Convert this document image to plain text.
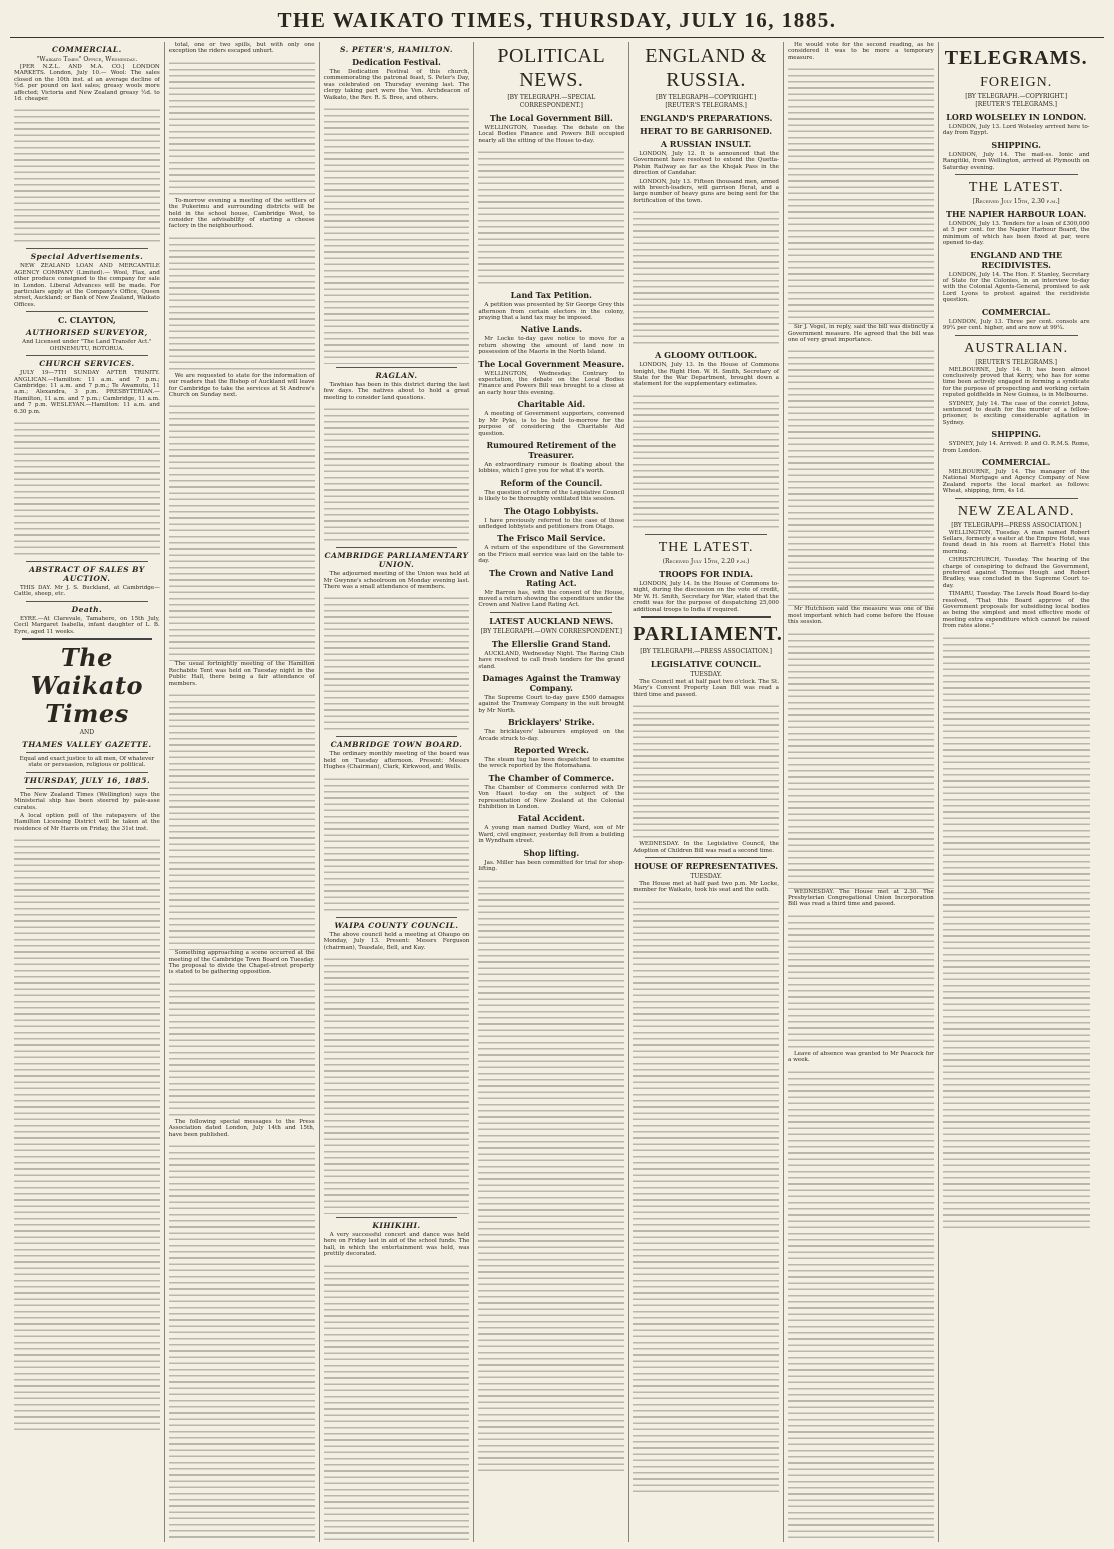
THE WAIKATO TIMES, THURSDAY, JULY 16, 1885.
COMMERCIAL.
"Waikato Times" Office, Wednesday.

[PER N.Z.L. AND M.A. CO.] LONDON MARKETS. London, July 10.— Wool: The sales closed on the 10th inst. at an average decline of ½d. per pound on last sales; greasy wools more affected; Victoria and New Zealand greasy ½d. to 1d. cheaper.

Special Advertisements.

NEW ZEALAND LOAN AND MERCANTILE AGENCY COMPANY (Limited).— Wool, Flax, and other produce consigned to the company for sale in London. Liberal Advances will be made. For particulars apply at the Company's Office, Queen street, Auckland; or Bank of New Zealand, Waikato Offices.

C. CLAYTON,
AUTHORISED SURVEYOR,

And Licensed under "The Land Transfer Act." OHINEMUTU, ROTORUA.

CHURCH SERVICES.

JULY 19—7TH SUNDAY AFTER TRINITY. ANGLICAN.—Hamilton: 11 a.m. and 7 p.m.; Cambridge: 11 a.m. and 7 p.m.; Te Awamutu, 11 a.m.; Alexandra, 3 p.m. PRESBYTERIAN.—Hamilton, 11 a.m. and 7 p.m.; Cambridge, 11 a.m. and 7 p.m. WESLEYAN.—Hamilton: 11 a.m. and 6.30 p.m.

ABSTRACT OF SALES BY AUCTION.

THIS DAY. Mr J. S. Buckland, at Cambridge—Cattle, sheep, etc.

Death.

EYRE.—At Clarevale, Tamahere, on 15th July, Cecil Margaret Isabella, infant daughter of L. B. Eyre, aged 11 weeks.

The Waikato Times
AND
THAMES VALLEY GAZETTE.

Equal and exact justice to all men, Of whatever state or persuasion, religious or political.

THURSDAY, JULY 16, 1885.

The New Zealand Times (Wellington) says the Ministerial ship has been steered by pale-asse curates.

A local option poll of the ratepayers of the Hamilton Licensing District will be taken at the residence of Mr Harris on Friday, the 31st inst.

total, one or two spills, but with only one exception the riders escaped unhurt.

To-morrow evening a meeting of the settlers of the Pukerimu and surrounding districts will be held in the school house, Cambridge West, to consider the advisability of starting a cheese factory in the neighbourhood.

We are requested to state for the information of our readers that the Bishop of Auckland will leave for Cambridge to take the services at St Andrew's Church on Sunday next.

The usual fortnightly meeting of the Hamilton Rechabite Tent was held on Tuesday night in the Public Hall, there being a fair attendance of members.

Something approaching a scene occurred at the meeting of the Cambridge Town Board on Tuesday. The proposal to divide the Chapel-street property is stated to be gathering opposition.

The following special messages to the Press Association dated London, July 14th and 15th, have been published.

S. PETER'S, HAMILTON.
Dedication Festival.

The Dedication Festival of this church, commemorating the patronal feast, S. Peter's Day, was celebrated on Thursday evening last. The clergy taking part were the Ven. Archdeacon of Waikato, the Rev. R. S. Bree, and others.

RAGLAN.

Tawhiao has been in this district during the last few days. The natives about to hold a great meeting to consider land questions.

CAMBRIDGE PARLIAMENTARY UNION.

The adjourned meeting of the Union was held at Mr Gwynne's schoolroom on Monday evening last. There was a small attendance of members.

CAMBRIDGE TOWN BOARD.

The ordinary monthly meeting of the board was held on Tuesday afternoon. Present: Messrs Hughes (Chairman), Clark, Kirkwood, and Wells.

WAIPA COUNTY COUNCIL.

The above council held a meeting at Ohaupo on Monday, July 13. Present: Messrs Ferguson (chairman), Teasdale, Bell, and Kay.

KIHIKIHI.

A very successful concert and dance was held here on Friday last in aid of the school funds. The hall, in which the entertainment was held, was prettily decorated.

POLITICAL NEWS.
[BY TELEGRAPH.—SPECIAL CORRESPONDENT.]
The Local Government Bill.

WELLINGTON, Tuesday. The debate on the Local Bodies Finance and Powers Bill occupied nearly all the sitting of the House to-day.

Land Tax Petition.

A petition was presented by Sir George Grey this afternoon from certain electors in the colony, praying that a land tax may be imposed.

Native Lands.

Mr Locke to-day gave notice to move for a return showing the amount of land now in possession of the Maoris in the North Island.

The Local Government Measure.

WELLINGTON, Wednesday. Contrary to expectation, the debate on the Local Bodies Finance and Powers Bill was brought to a close at an early hour this evening.

Charitable Aid.

A meeting of Government supporters, convened by Mr Pyke, is to be held to-morrow for the purpose of considering the Charitable Aid question.

Rumoured Retirement of the Treasurer.

An extraordinary rumour is floating about the lobbies, which I give you for what it's worth.

Reform of the Council.

The question of reform of the Legislative Council is likely to be thoroughly ventilated this session.

The Otago Lobbyists.

I have previously referred to the case of those unfledged lobbyists and petitioners from Otago.

The Frisco Mail Service.

A return of the expenditure of the Government on the Frisco mail service was laid on the table to-day.

The Crown and Native Land Rating Act.

Mr Barron has, with the consent of the House, moved a return showing the expenditure under the Crown and Native Land Rating Act.

LATEST AUCKLAND NEWS.
[BY TELEGRAPH.—OWN CORRESPONDENT.]
The Ellerslie Grand Stand.

AUCKLAND, Wednesday Night. The Racing Club have resolved to call fresh tenders for the grand stand.

Damages Against the Tramway Company.

The Supreme Court to-day gave £500 damages against the Tramway Company in the suit brought by Mr North.

Bricklayers' Strike.

The bricklayers' labourers employed on the Arcade struck to-day.

Reported Wreck.

The steam tug has been despatched to examine the wreck reported by the Rotomahana.

The Chamber of Commerce.

The Chamber of Commerce conferred with Dr Von Haast to-day on the subject of the representation of New Zealand at the Colonial Exhibition in London.

Fatal Accident.

A young man named Dudley Ward, son of Mr Ward, civil engineer, yesterday fell from a building in Wyndham street.

Shop lifting.

Jas. Miller has been committed for trial for shop-lifting.

ENGLAND & RUSSIA.
[BY TELEGRAPH—COPYRIGHT.]
[REUTER'S TELEGRAMS.]
ENGLAND'S PREPARATIONS.
HERAT TO BE GARRISONED.
A RUSSIAN INSULT.

LONDON, July 12. It is announced that the Government have resolved to extend the Quetta-Pishin Railway as far as the Khojak Pass in the direction of Candahar.

LONDON, July 13. Fifteen thousand men, armed with breech-loaders, will garrison Herat, and a large number of heavy guns are being sent for the fortification of the town.

A GLOOMY OUTLOOK.

LONDON, July 13. In the House of Commons tonight, the Right Hon. W. H. Smith, Secretary of State for the War Department, brought down a statement for the supplementary estimates.

THE LATEST.
(Received July 15th, 2.20 p.m.)
TROOPS FOR INDIA.

LONDON, July 14. In the House of Commons to-night, during the discussion on the vote of credit, Mr W. H. Smith, Secretary for War, stated that the credit was for the purpose of despatching 25,000 additional troops to India if required.

PARLIAMENT.
[BY TELEGRAPH.—PRESS ASSOCIATION.]
LEGISLATIVE COUNCIL.
TUESDAY.

The Council met at half past two o'clock. The St. Mary's Convent Property Loan Bill was read a third time and passed.

WEDNESDAY. In the Legislative Council, the Adoption of Children Bill was read a second time.

HOUSE OF REPRESENTATIVES.
TUESDAY.

The House met at half past two p.m. Mr Locke, member for Waikato, took his seat and the oath.

He would vote for the second reading, as he considered it was to be more a temporary measure.

Sir J. Vogel, in reply, said the bill was distinctly a Government measure. He agreed that the bill was one of very great importance.

Mr Hutchison said the measure was one of the most important which had come before the House this session.

WEDNESDAY. The House met at 2.30. The Presbyterian Congregational Union Incorporation Bill was read a third time and passed.

Leave of absence was granted to Mr Peacock for a week.

TELEGRAMS.
FOREIGN.
[BY TELEGRAPH.—COPYRIGHT.]
[REUTER'S TELEGRAMS.]
LORD WOLSELEY IN LONDON.

LONDON, July 13. Lord Wolseley arrived here to-day from Egypt.

SHIPPING.

LONDON, July 14. The mail-ss. Ionic and Rangitiki, from Wellington, arrived at Plymouth on Saturday evening.

THE LATEST.
[Received July 15th, 2.30 p.m.]
THE NAPIER HARBOUR LOAN.

LONDON, July 13. Tenders for a loan of £300,000 at 5 per cent. for the Napier Harbour Board, the minimum of which has been fixed at par, were opened to-day.

ENGLAND AND THE RECIDIVISTES.

LONDON, July 14. The Hon. F. Stanley, Secretary of State for the Colonies, in an interview to-day with the Colonial Agents-General, promised to ask Lord Lyons to protest against the recidiviste question.

COMMERCIAL.

LONDON, July 13. Three per cent. consols are 99¼ per cent. higher, and are now at 99¼.

AUSTRALIAN.
[REUTER'S TELEGRAMS.]

MELBOURNE, July 14. It has been almost conclusively proved that Kerry, who has for some time been actively engaged in forming a syndicate for the purpose of prospecting and working certain reputed goldfields in New Guinea, is in Melbourne.

SYDNEY, July 14. The case of the convict Johns, sentenced to death for the murder of a fellow-prisoner, is exciting considerable agitation in Sydney.

SHIPPING.

SYDNEY, July 14. Arrived: P. and O. R.M.S. Rome, from London.

COMMERCIAL.

MELBOURNE, July 14. The manager of the National Mortgage and Agency Company of New Zealand reports the local market as follows: Wheat, shipping, firm, 4s 1d.

NEW ZEALAND.
[BY TELEGRAPH—PRESS ASSOCIATION.]

WELLINGTON, Tuesday. A man named Robert Sellars, formerly a waiter at the Empire Hotel, was found dead in his room at Barrett's Hotel this morning.

CHRISTCHURCH, Tuesday. The hearing of the charge of conspiring to defraud the Government, preferred against Thomas Hough and Robert Bradley, was concluded in the Supreme Court to-day.

TIMARU, Tuesday. The Levels Road Board to-day resolved, "That this Board approve of the Government proposals for subsidising local bodies as being the simplest and most effective mode of meeting extra expenditure which cannot be raised from rates alone."
